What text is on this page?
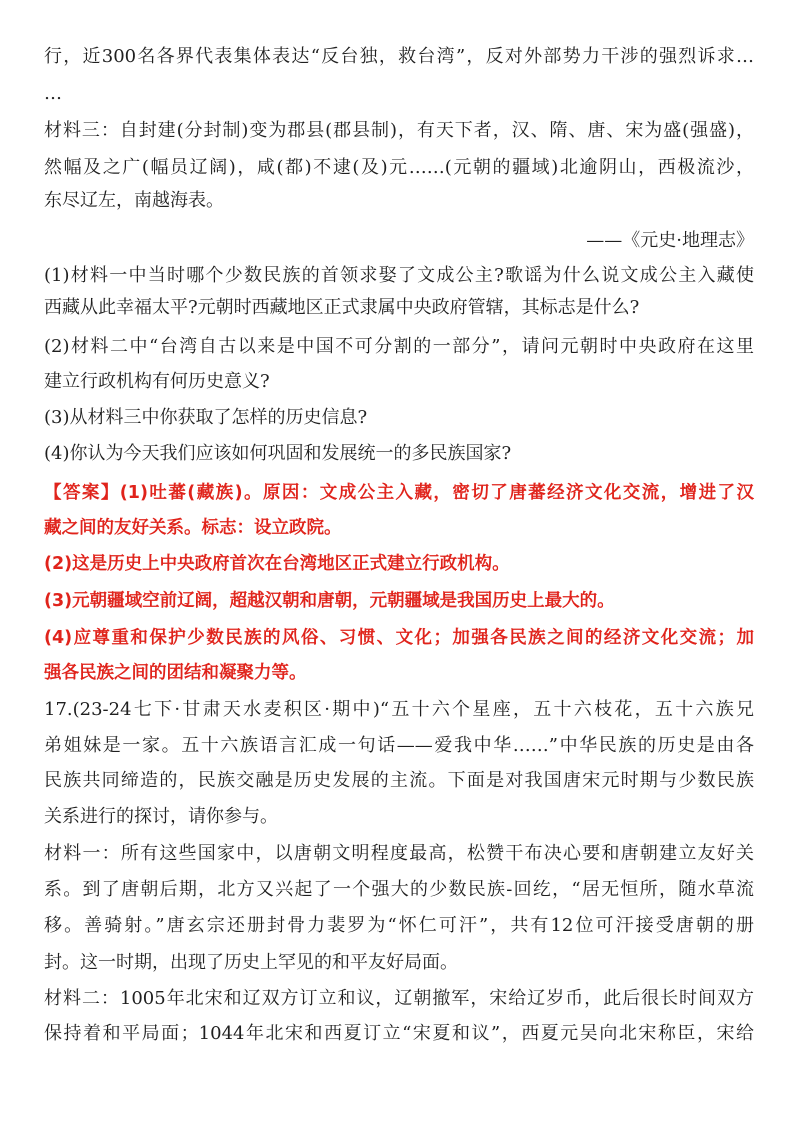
行，近300名各界代表集体表达“反台独，救台湾”，反对外部势力干涉的强烈诉求…
…
材料三：自封建(分封制)变为郡县(郡县制)，有天下者，汉、隋、唐、宋为盛(强盛)，
然幅及之广(幅员辽阔)，咸(都)不逮(及)元……(元朝的疆域)北逾阴山，西极流沙，
东尽辽左，南越海表。
——《元史·地理志》
(1)材料一中当时哪个少数民族的首领求娶了文成公主?歌谣为什么说文成公主入藏使
西藏从此幸福太平?元朝时西藏地区正式隶属中央政府管辖，其标志是什么?
(2)材料二中“台湾自古以来是中国不可分割的一部分”，请问元朝时中央政府在这里
建立行政机构有何历史意义?
(3)从材料三中你获取了怎样的历史信息?
(4)你认为今天我们应该如何巩固和发展统一的多民族国家?
【答案】(1)吐蕃(藏族)。原因：文成公主入藏，密切了唐蕃经济文化交流，增进了汉
藏之间的友好关系。标志：设立政院。
(2)这是历史上中央政府首次在台湾地区正式建立行政机构。
(3)元朝疆域空前辽阔，超越汉朝和唐朝，元朝疆域是我国历史上最大的。
(4)应尊重和保护少数民族的风俗、习惯、文化；加强各民族之间的经济文化交流；加
强各民族之间的团结和凝聚力等。
17.(23-24七下·甘肃天水麦积区·期中)“五十六个星座，五十六枝花，五十六族兄
弟姐妹是一家。五十六族语言汇成一句话——爱我中华……”中华民族的历史是由各
民族共同缔造的，民族交融是历史发展的主流。下面是对我国唐宋元时期与少数民族
关系进行的探讨，请你参与。
材料一：所有这些国家中，以唐朝文明程度最高，松赞干布决心要和唐朝建立友好关
系。到了唐朝后期，北方又兴起了一个强大的少数民族-回纥，“居无恒所，随水草流
移。善骑射。”唐玄宗还册封骨力裴罗为“怀仁可汗”，共有12位可汗接受唐朝的册
封。这一时期，出现了历史上罕见的和平友好局面。
材料二：1005年北宋和辽双方订立和议，辽朝撤军，宋给辽岁币，此后很长时间双方
保持着和平局面；1044年北宋和西夏订立“宋夏和议”，西夏元吴向北宋称臣，宋给
